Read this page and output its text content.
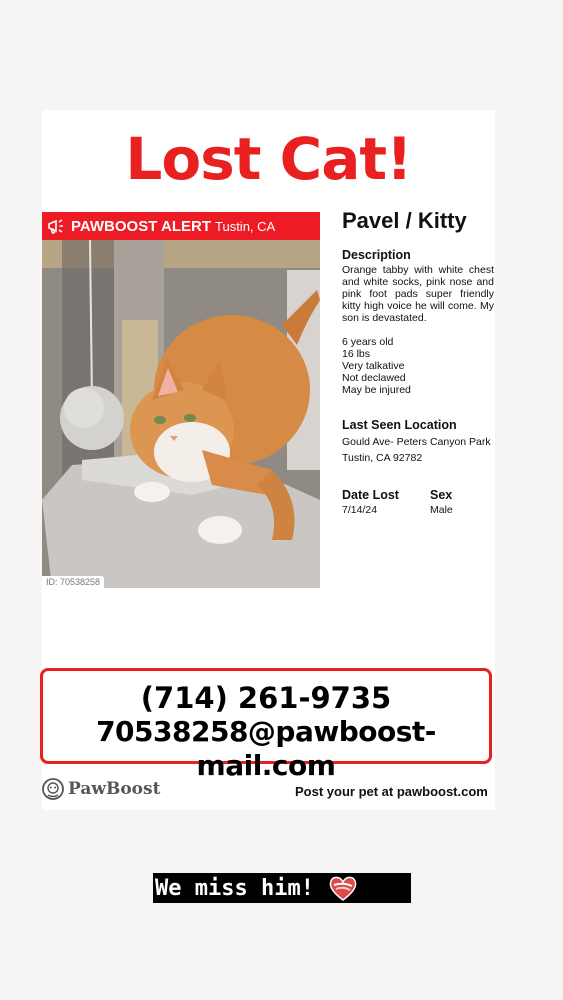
Lost Cat!
PAWBOOST ALERT Tustin, CA
ID: 70538258
Pavel / Kitty
Description
Orange tabby with white chest and white socks, pink nose and pink foot pads super friendly kitty high voice he will come. My son is devastated.
6 years old
16 lbs
Very talkative
Not declawed
May be injured
Last Seen Location
Gould Ave- Peters Canyon Park
Tustin, CA 92782
Date Lost
7/14/24
Sex
Male
(714) 261-9735
70538258@pawboost-mail.com
PawBoost	Post your pet at pawboost.com
We miss him!
